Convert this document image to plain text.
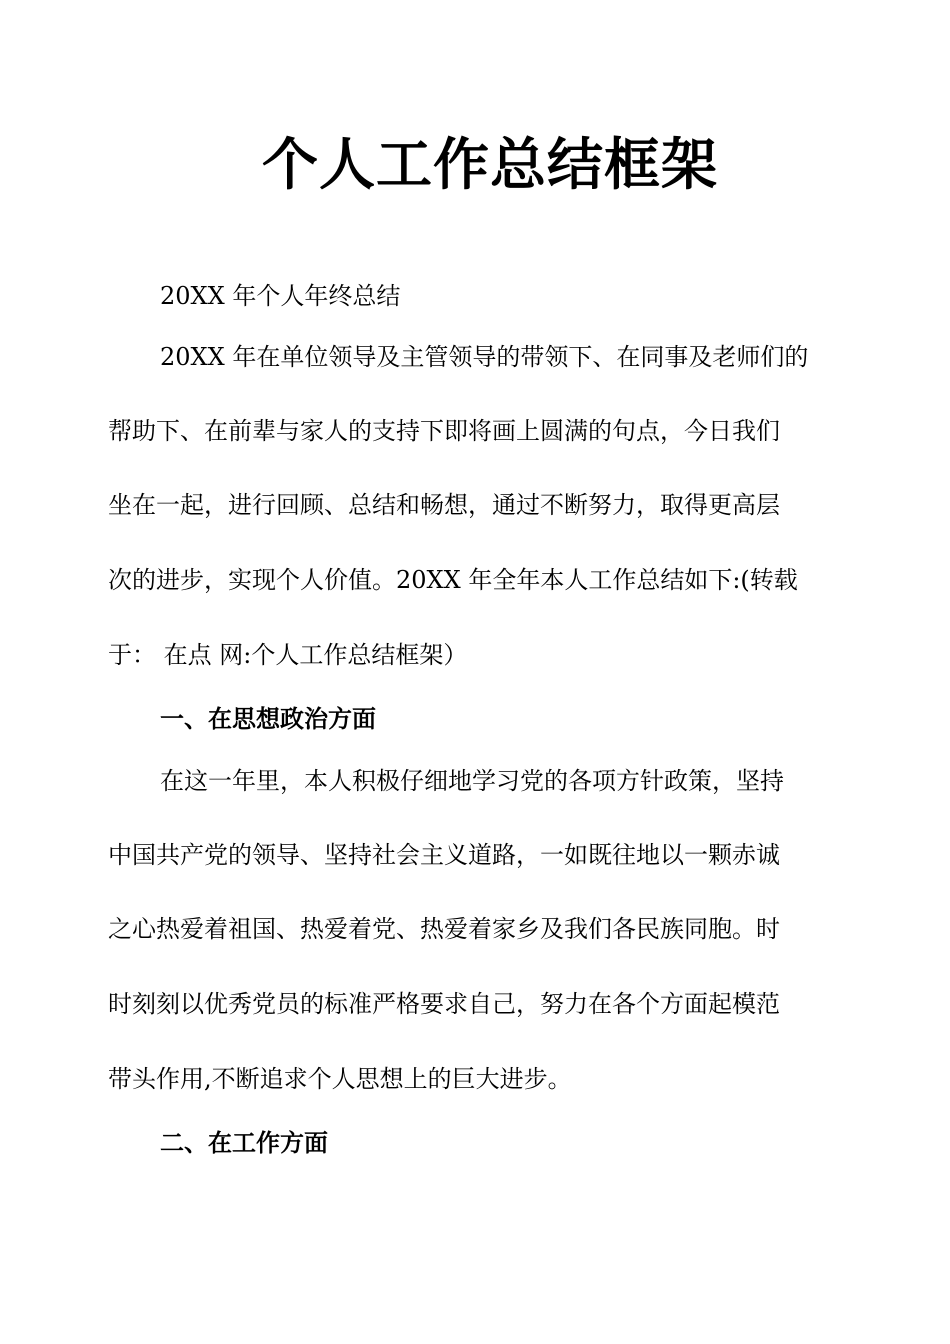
个人工作总结框架

20XX 年个人年终总结

20XX 年在单位领导及主管领导的带领下、在同事及老师们的

帮助下、在前辈与家人的支持下即将画上圆满的句点，今日我们

坐在一起，进行回顾、总结和畅想，通过不断努力，取得更高层

次的进步，实现个人价值。20XX 年全年本人工作总结如下:(转载

于： 在点 网:个人工作总结框架）

一、在思想政治方面

在这一年里，本人积极仔细地学习党的各项方针政策，坚持

中国共产党的领导、坚持社会主义道路，一如既往地以一颗赤诚

之心热爱着祖国、热爱着党、热爱着家乡及我们各民族同胞。时

时刻刻以优秀党员的标准严格要求自己，努力在各个方面起模范

带头作用,不断追求个人思想上的巨大进步。

二、在工作方面
